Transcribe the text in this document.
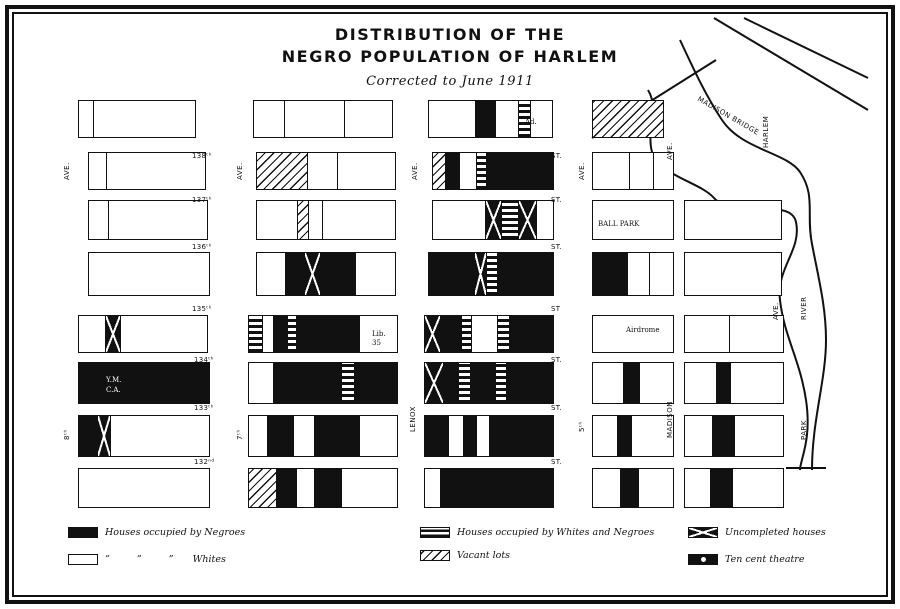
DISTRIBUTION OF THE
NEGRO POPULATION OF HARLEM
Corrected to June 1911
138ᵗʰ
137ᵗʰ
136ᵗʰ
135ᵗʰ
134ᵗʰ
133ᵗʰ
132ⁿᵈ
ST.
ST.
ST.
ST
ST.
ST.
ST.
AVE.	AVE.	AVE.	AVE.
AVE.
AVE.
8ᵗʰ	7ᵗʰ
LENOX	5ᵗʰ	MADISON	PARK
HARLEM
RIVER
MADISON BRIDGE
BALL PARK
Airdrome
Ad.
Lib.
35
Y.M.
C.A.
Houses occupied by Negroes
” ” ” Whites
Houses occupied by Whites and Negroes
Vacant lots
Uncompleted houses
Ten cent theatre
